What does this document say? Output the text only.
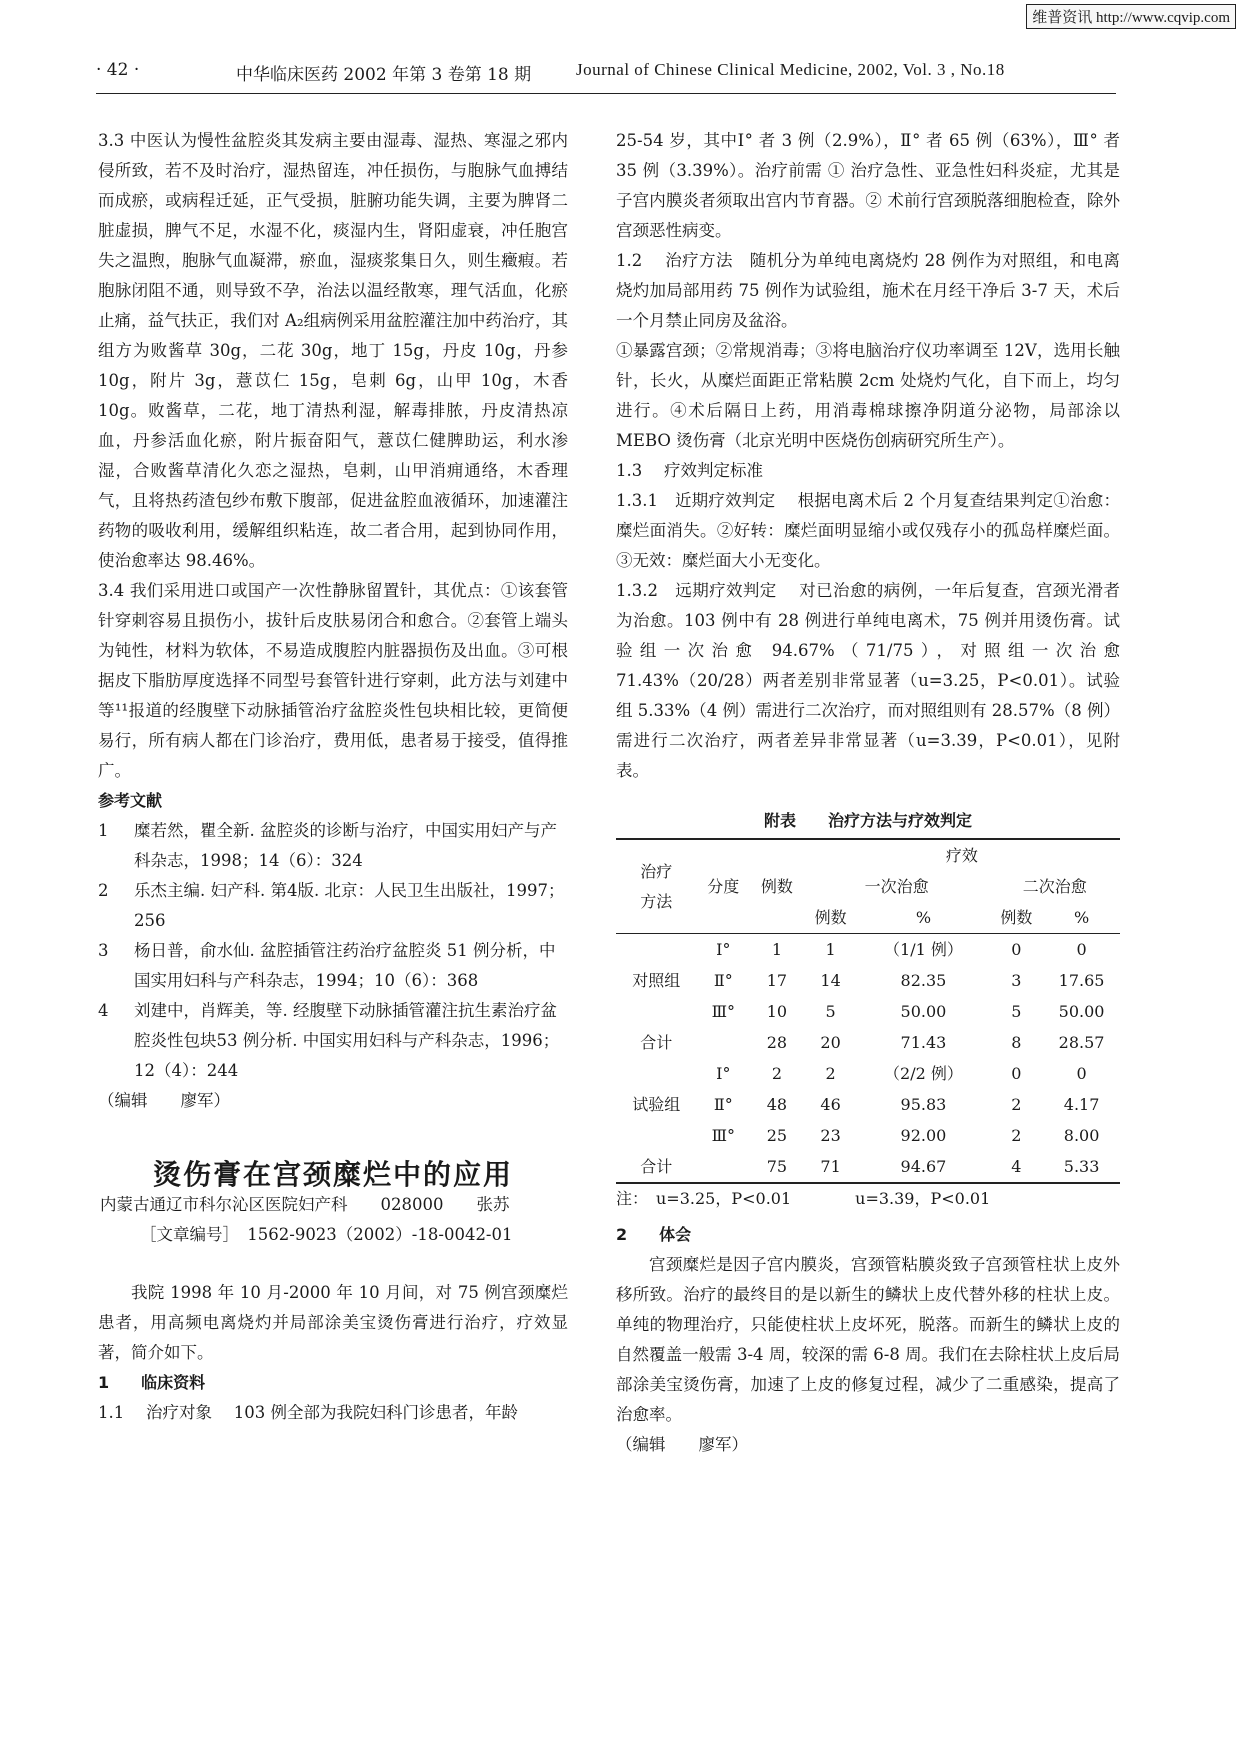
维普资讯 http://www.cqvip.com
· 42 ·	中华临床医药 2002 年第 3 卷第 18 期	Journal of Chinese Clinical Medicine, 2002, Vol. 3 , No.18

3.3 中医认为慢性盆腔炎其发病主要由湿毒、湿热、寒湿之邪内侵所致，若不及时治疗，湿热留连，冲任损伤，与胞脉气血搏结而成瘀，或病程迁延，正气受损，脏腑功能失调，主要为脾肾二脏虚损，脾气不足，水湿不化，痰湿内生，肾阳虚衰，冲任胞宫失之温煦，胞脉气血凝滞，瘀血，湿痰浆集日久，则生癥瘕。若胞脉闭阻不通，则导致不孕，治法以温经散寒，理气活血，化瘀止痛，益气扶正，我们对 A₂组病例采用盆腔灌注加中药治疗，其组方为败酱草 30g，二花 30g，地丁 15g，丹皮 10g，丹参 10g，附片 3g，薏苡仁 15g，皂刺 6g，山甲 10g，木香 10g。败酱草，二花，地丁清热利湿，解毒排脓，丹皮清热凉血，丹参活血化瘀，附片振奋阳气，薏苡仁健脾助运，利水渗湿，合败酱草清化久恋之湿热，皂刺，山甲消痈通络，木香理气，且将热药渣包纱布敷下腹部，促进盆腔血液循环，加速灌注药物的吸收利用，缓解组织粘连，故二者合用，起到协同作用，使治愈率达 98.46%。

3.4 我们采用进口或国产一次性静脉留置针，其优点：①该套管针穿刺容易且损伤小，拔针后皮肤易闭合和愈合。②套管上端头为钝性，材料为软体，不易造成腹腔内脏器损伤及出血。③可根据皮下脂肪厚度选择不同型号套管针进行穿刺，此方法与刘建中等¹¹报道的经腹壁下动脉插管治疗盆腔炎性包块相比较，更简便易行，所有病人都在门诊治疗，费用低，患者易于接受，值得推广。

参考文献

1	糜若然，瞿全新. 盆腔炎的诊断与治疗，中国实用妇产与产科杂志，1998；14（6）：324
2	乐杰主编. 妇产科. 第4版. 北京：人民卫生出版社，1997；256
3	杨日普，俞水仙. 盆腔插管注药治疗盆腔炎 51 例分析，中国实用妇科与产科杂志，1994；10（6）：368
4	刘建中，肖辉美，等. 经腹壁下动脉插管灌注抗生素治疗盆腔炎性包块53 例分析. 中国实用妇科与产科杂志，1996；12（4）：244

（编辑　　廖军）

烫伤膏在宫颈糜烂中的应用

内蒙古通辽市科尔沁区医院妇产科　　028000　　张苏

［文章编号］　1562-9023（2002）-18-0042-01

我院 1998 年 10 月-2000 年 10 月间，对 75 例宫颈糜烂患者，用高频电离烧灼并局部涂美宝烫伤膏进行治疗，疗效显著，简介如下。

1　　临床资料

1.1　 治疗对象　 103 例全部为我院妇科门诊患者，年龄

25-54 岁，其中Ⅰ° 者 3 例（2.9%），Ⅱ° 者 65 例（63%），Ⅲ° 者 35 例（3.39%）。治疗前需 ① 治疗急性、亚急性妇科炎症，尤其是子宫内膜炎者须取出宫内节育器。② 术前行宫颈脱落细胞检查，除外宫颈恶性病变。

1.2　 治疗方法　随机分为单纯电离烧灼 28 例作为对照组，和电离烧灼加局部用药 75 例作为试验组，施术在月经干净后 3-7 天，术后一个月禁止同房及盆浴。

①暴露宫颈；②常规消毒；③将电脑治疗仪功率调至 12V，选用长触针，长火，从糜烂面距正常粘膜 2cm 处烧灼气化，自下而上，均匀进行。④术后隔日上药，用消毒棉球擦净阴道分泌物，局部涂以 MEBO 烫伤膏（北京光明中医烧伤创病研究所生产）。

1.3　 疗效判定标准

1.3.1　近期疗效判定　 根据电离术后 2 个月复查结果判定①治愈：糜烂面消失。②好转：糜烂面明显缩小或仅残存小的孤岛样糜烂面。③无效：糜烂面大小无变化。

1.3.2　远期疗效判定　 对已治愈的病例，一年后复查，宫颈光滑者为治愈。103 例中有 28 例进行单纯电离术，75 例并用烫伤膏。试验组一次治愈 94.67%（71/75），对照组一次治愈 71.43%（20/28）两者差别非常显著（u=3.25，P<0.01）。试验组 5.33%（4 例）需进行二次治疗，而对照组则有 28.57%（8 例）需进行二次治疗，两者差异非常显著（u=3.39，P<0.01），见附表。

附表　　治疗方法与疗效判定
治疗方法	分度	例数	疗效			
			一次治愈		二次治愈	
			例数	%	例数	%
	Ⅰ°	1	1	（1/1 例）	0	0
对照组	Ⅱ°	17	14	82.35	3	17.65
	Ⅲ°	10	5	50.00	5	50.00
合计		28	20	71.43	8	28.57
	Ⅰ°	2	2	（2/2 例）	0	0
试验组	Ⅱ°	48	46	95.83	2	4.17
	Ⅲ°	25	23	92.00	2	8.00
合计		75	71	94.67	4	5.33

注：　u=3.25，P<0.01　　　　u=3.39，P<0.01

2　　体会

宫颈糜烂是因子宫内膜炎，宫颈管粘膜炎致子宫颈管柱状上皮外移所致。治疗的最终目的是以新生的鳞状上皮代替外移的柱状上皮。单纯的物理治疗，只能使柱状上皮坏死，脱落。而新生的鳞状上皮的自然覆盖一般需 3-4 周，较深的需 6-8 周。我们在去除柱状上皮后局部涂美宝烫伤膏，加速了上皮的修复过程，减少了二重感染，提高了治愈率。

（编辑　　廖军）
